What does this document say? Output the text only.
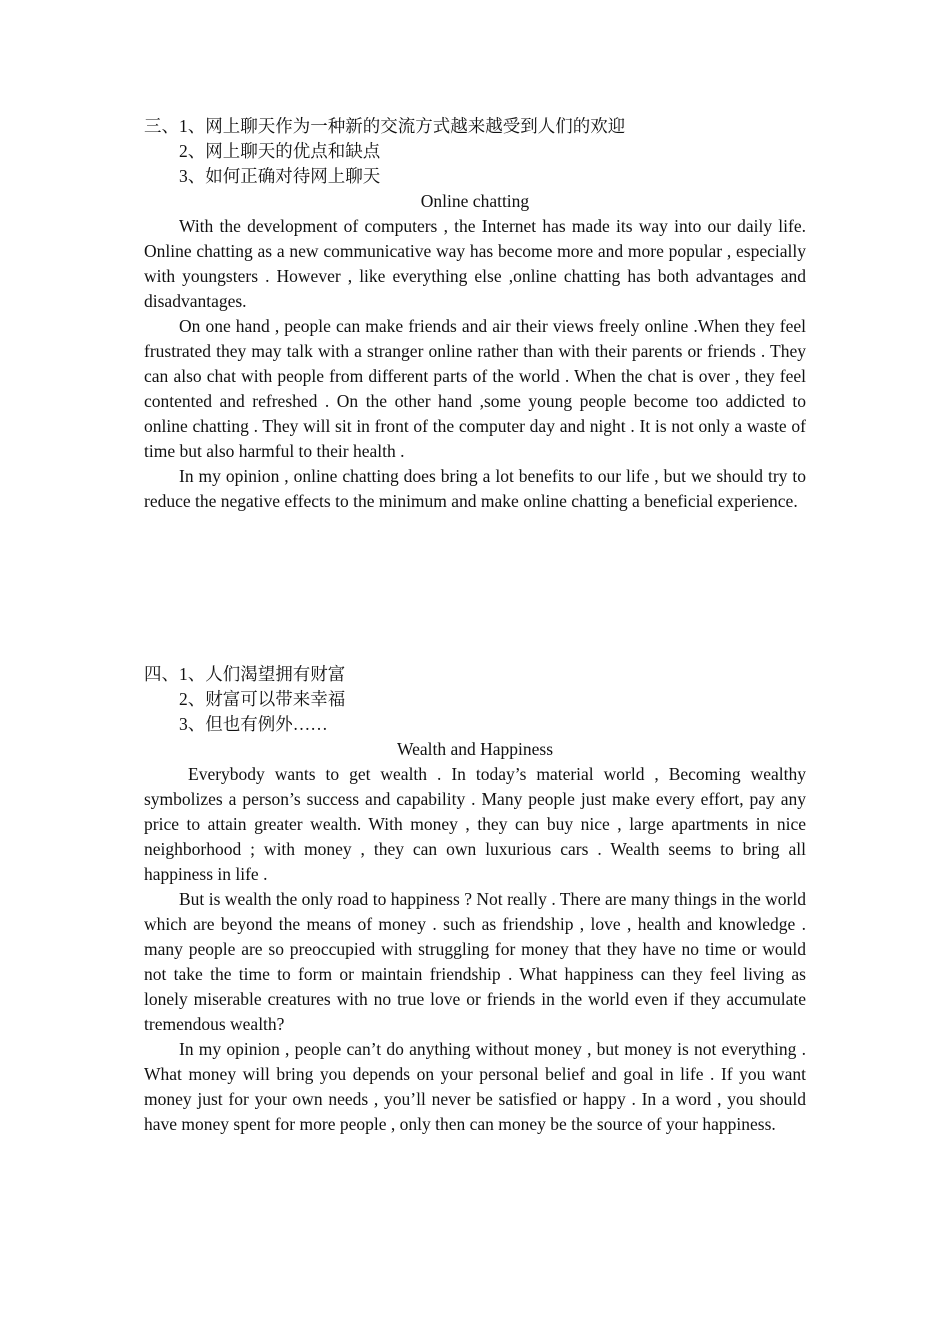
三、1、网上聊天作为一种新的交流方式越来越受到人们的欢迎
2、网上聊天的优点和缺点
3、如何正确对待网上聊天
Online chatting

With the development of computers , the Internet has made its way into our daily life. Online chatting as a new communicative way has become more and more popular , especially with youngsters . However , like everything else ,online chatting has both advantages and disadvantages.

On one hand , people can make friends and air their views freely online .When they feel frustrated they may talk with a stranger online rather than with their parents or friends . They can also chat with people from different parts of the world . When the chat is over , they feel contented and refreshed . On the other hand ,some young people become too addicted to online chatting . They will sit in front of the computer day and night . It is not only a waste of time but also harmful to their health .

In my opinion , online chatting does bring a lot benefits to our life , but we should try to reduce the negative effects to the minimum and make online chatting a beneficial experience.

四、1、人们渴望拥有财富
2、财富可以带来幸福
3、但也有例外……
Wealth and Happiness

Everybody wants to get wealth . In today’s material world , Becoming wealthy symbolizes a person’s success and capability . Many people just make every effort, pay any price to attain greater wealth. With money , they can buy nice , large apartments in nice neighborhood ; with money , they can own luxurious cars . Wealth seems to bring all happiness in life .

But is wealth the only road to happiness ? Not really . There are many things in the world which are beyond the means of money . such as friendship , love , health and knowledge . many people are so preoccupied with struggling for money that they have no time or would not take the time to form or maintain friendship . What happiness can they feel living as lonely miserable creatures with no true love or friends in the world even if they accumulate tremendous wealth?

In my opinion , people can’t do anything without money , but money is not everything . What money will bring you depends on your personal belief and goal in life . If you want money just for your own needs , you’ll never be satisfied or happy . In a word , you should have money spent for more people , only then can money be the source of your happiness.
